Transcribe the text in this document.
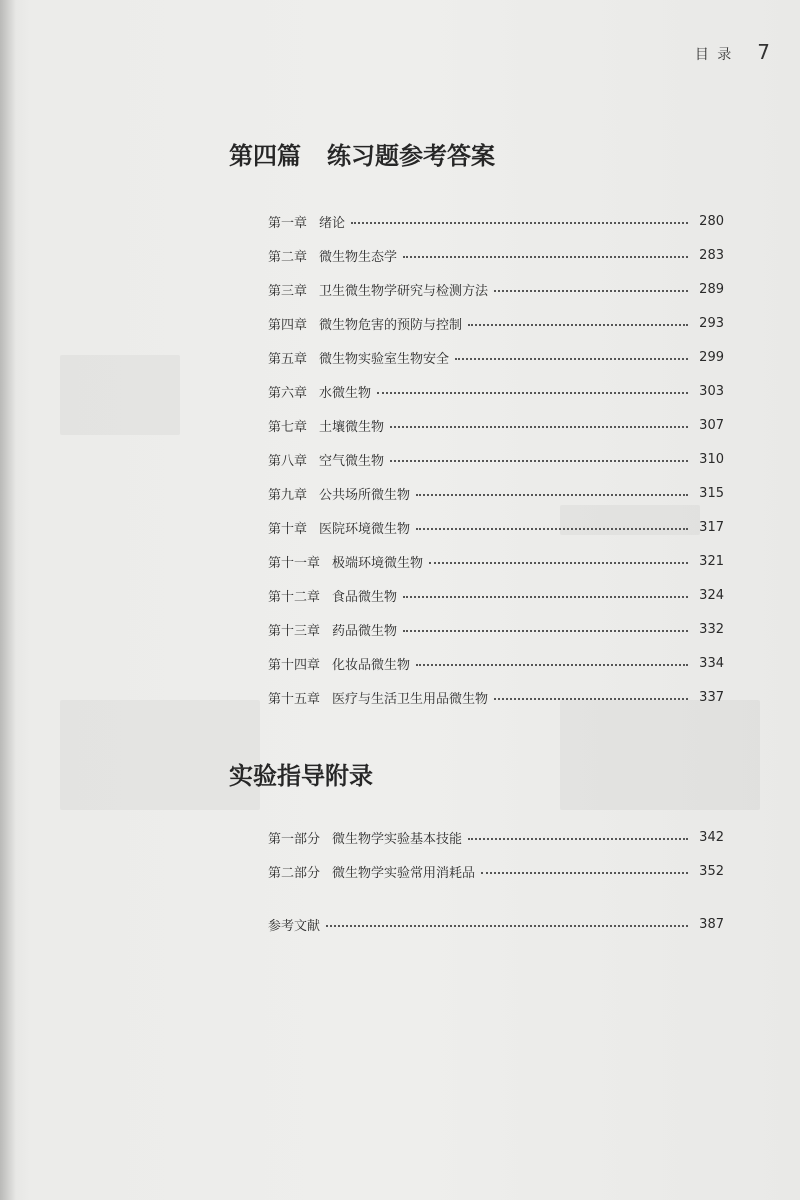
目 录 7
第四篇 练习题参考答案
第一章 绪论	280
第二章 微生物生态学	283
第三章 卫生微生物学研究与检测方法	289
第四章 微生物危害的预防与控制	293
第五章 微生物实验室生物安全	299
第六章 水微生物	303
第七章 土壤微生物	307
第八章 空气微生物	310
第九章 公共场所微生物	315
第十章 医院环境微生物	317
第十一章 极端环境微生物	321
第十二章 食品微生物	324
第十三章 药品微生物	332
第十四章 化妆品微生物	334
第十五章 医疗与生活卫生用品微生物	337
实验指导附录
第一部分 微生物学实验基本技能	342
第二部分 微生物学实验常用消耗品	352
参考文献	387
